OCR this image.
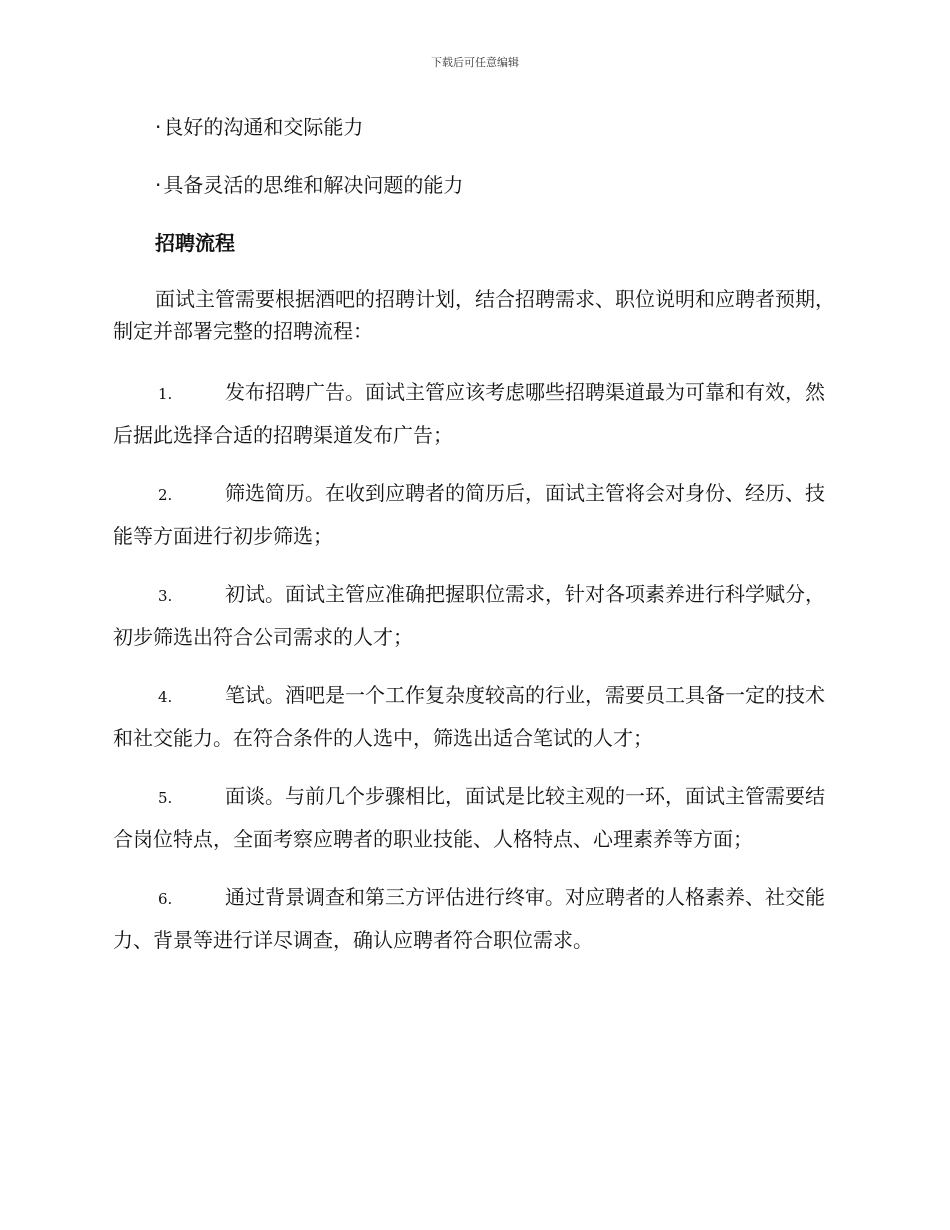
下载后可任意编辑
· 良好的沟通和交际能力
· 具备灵活的思维和解决问题的能力
招聘流程
面试主管需要根据酒吧的招聘计划，结合招聘需求、职位说明和应聘者预期，制定并部署完整的招聘流程：
1.	发布招聘广告。面试主管应该考虑哪些招聘渠道最为可靠和有效，然后据此选择合适的招聘渠道发布广告；
2.	筛选简历。在收到应聘者的简历后，面试主管将会对身份、经历、技能等方面进行初步筛选；
3.	初试。面试主管应准确把握职位需求，针对各项素养进行科学赋分，初步筛选出符合公司需求的人才；
4.	笔试。酒吧是一个工作复杂度较高的行业，需要员工具备一定的技术和社交能力。在符合条件的人选中，筛选出适合笔试的人才；
5.	面谈。与前几个步骤相比，面试是比较主观的一环，面试主管需要结合岗位特点，全面考察应聘者的职业技能、人格特点、心理素养等方面；
6.	通过背景调查和第三方评估进行终审。对应聘者的人格素养、社交能力、背景等进行详尽调查，确认应聘者符合职位需求。
